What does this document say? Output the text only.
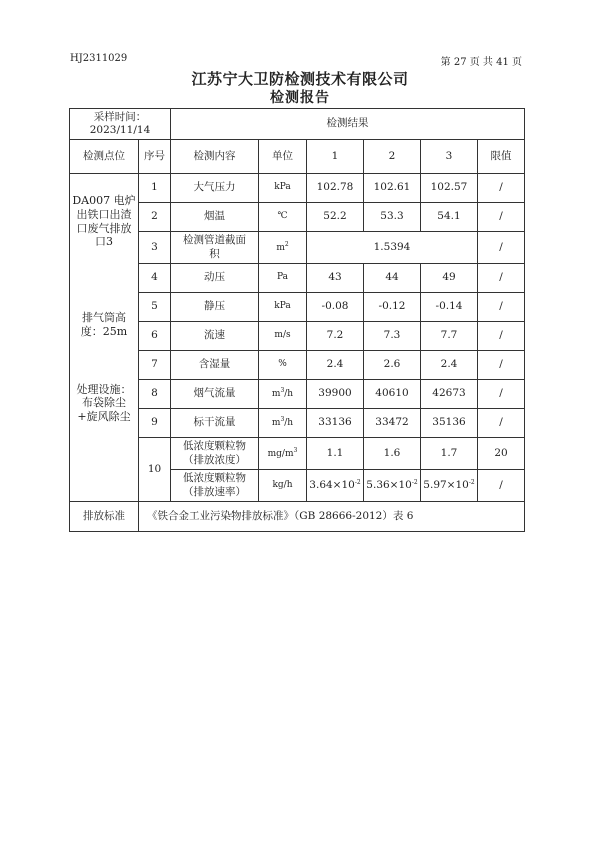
HJ2311029	第 27 页 共 41 页
江苏宁大卫防检测技术有限公司
检测报告
采样时间：
2023/11/14		检测结果					
检测点位	序号	检测内容	单位	1	2	3	限值

DA007 电炉出铁口出渣口废气排放口3
排气筒高度：25m
处理设施：布袋除尘+旋风除尘	1	大气压力	kPa	102.78	102.61	102.57	/
	2	烟温	℃	52.2	53.3	54.1	/
	3	检测管道截面积	$m^2$	1.5394			/
	4	动压	Pa	43	44	49	/
	5	静压	kPa	-0.08	-0.12	-0.14	/
	6	流速	m/s	7.2	7.3	7.7	/
	7	含湿量	%	2.4	2.6	2.4	/
	8	烟气流量	$m^3/h$	39900	40610	42673	/
	9	标干流量	$m^3/h$	33136	33472	35136	/
	10	低浓度颗粒物
（排放浓度）	$mg/m^3$	1.1	1.6	1.7	20

		低浓度颗粒物
（排放速率）	kg/h	$3.64\times 10^{-2}$	$5.36\times 10^{-2}$	$5.97\times 10^{-2}$	/
排放标准	《铁合金工业污染物排放标准》（GB 28666-2012）表 6						
